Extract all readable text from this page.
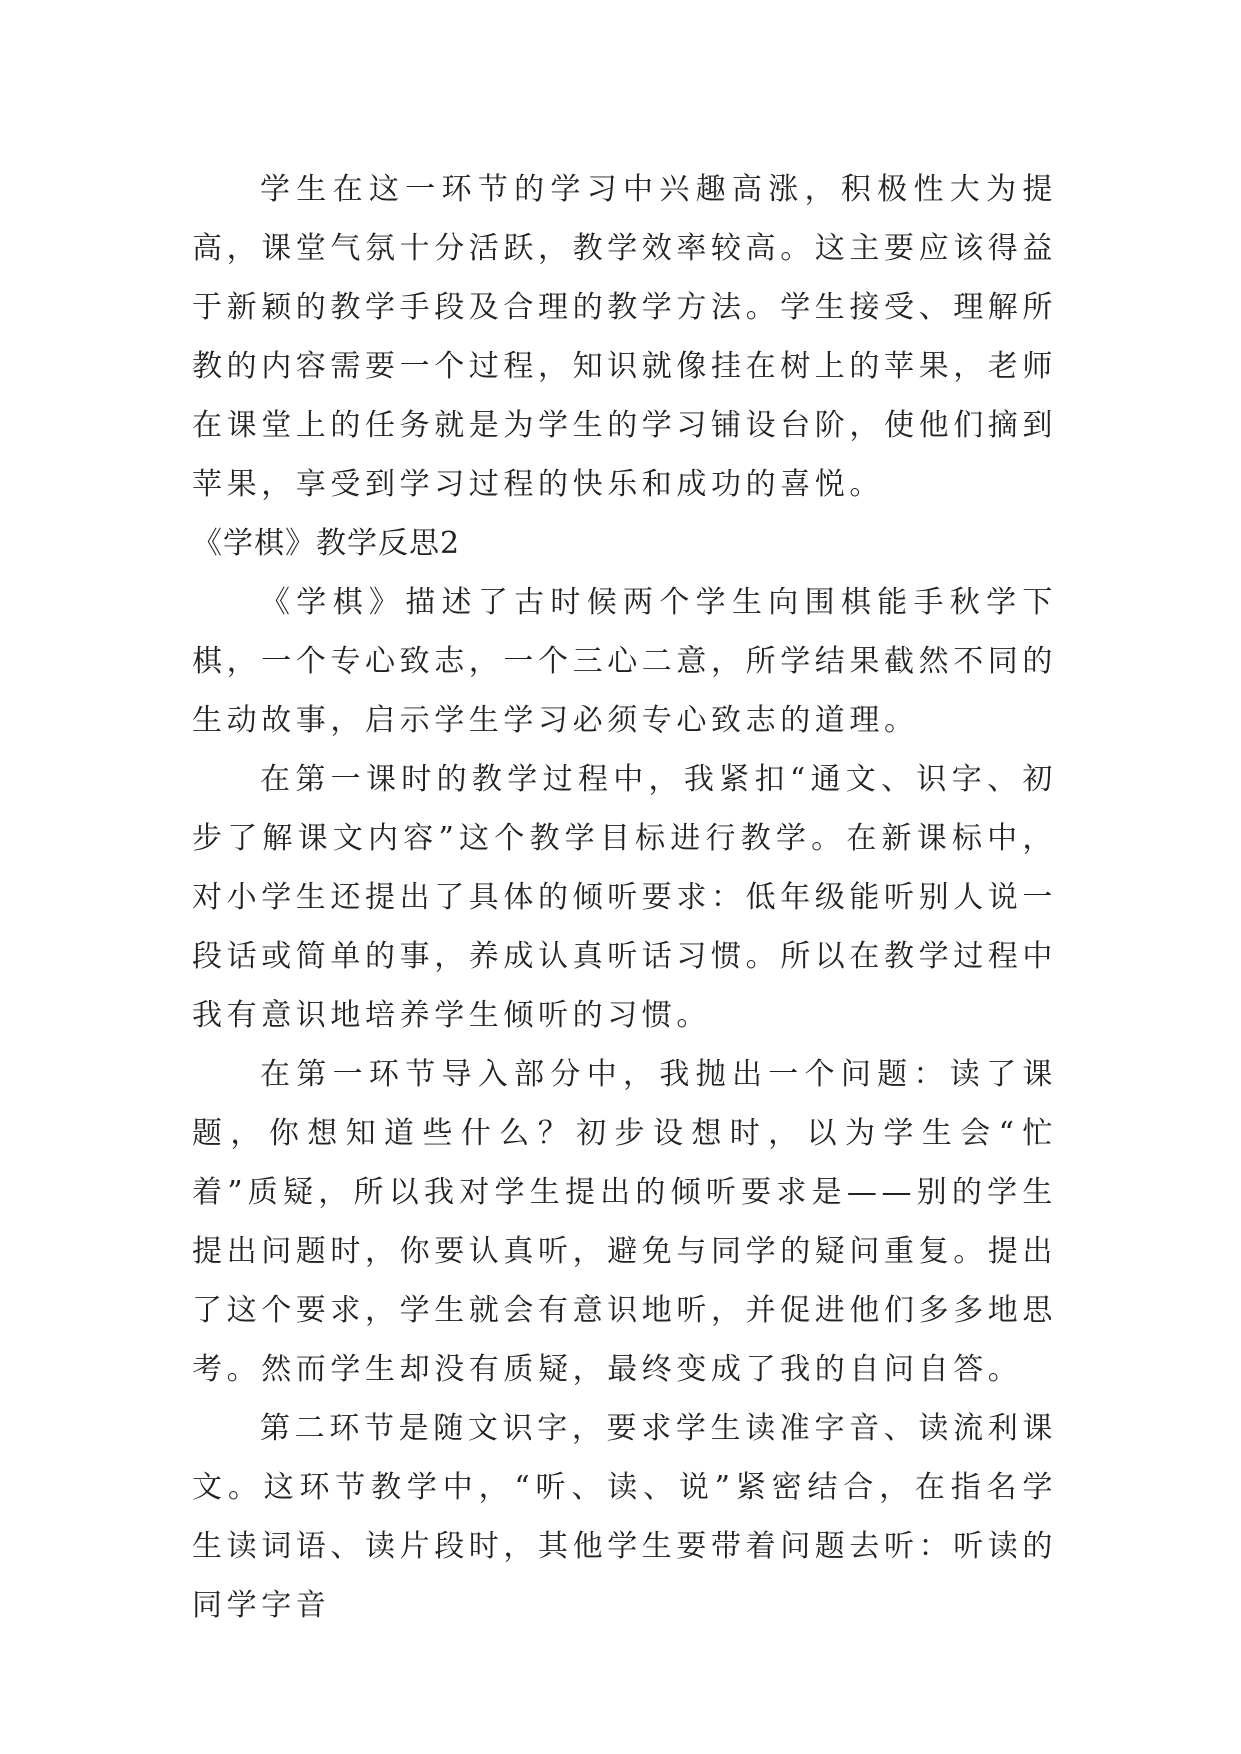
学生在这一环节的学习中兴趣高涨，积极性大为提高，课堂气氛十分活跃，教学效率较高。这主要应该得益于新颖的教学手段及合理的教学方法。学生接受、理解所教的内容需要一个过程，知识就像挂在树上的苹果，老师在课堂上的任务就是为学生的学习铺设台阶，使他们摘到苹果，享受到学习过程的快乐和成功的喜悦。

《学棋》教学反思2

《学棋》描述了古时候两个学生向围棋能手秋学下棋，一个专心致志，一个三心二意，所学结果截然不同的生动故事，启示学生学习必须专心致志的道理。

在第一课时的教学过程中，我紧扣“通文、识字、初步了解课文内容”这个教学目标进行教学。在新课标中，对小学生还提出了具体的倾听要求：低年级能听别人说一段话或简单的事，养成认真听话习惯。所以在教学过程中我有意识地培养学生倾听的习惯。

在第一环节导入部分中，我抛出一个问题：读了课题，你想知道些什么？初步设想时，以为学生会“忙着”质疑，所以我对学生提出的倾听要求是——别的学生提出问题时，你要认真听，避免与同学的疑问重复。提出了这个要求，学生就会有意识地听，并促进他们多多地思考。然而学生却没有质疑，最终变成了我的自问自答。

第二环节是随文识字，要求学生读准字音、读流利课文。这环节教学中，“听、读、说”紧密结合，在指名学生读词语、读片段时，其他学生要带着问题去听：听读的同学字音
